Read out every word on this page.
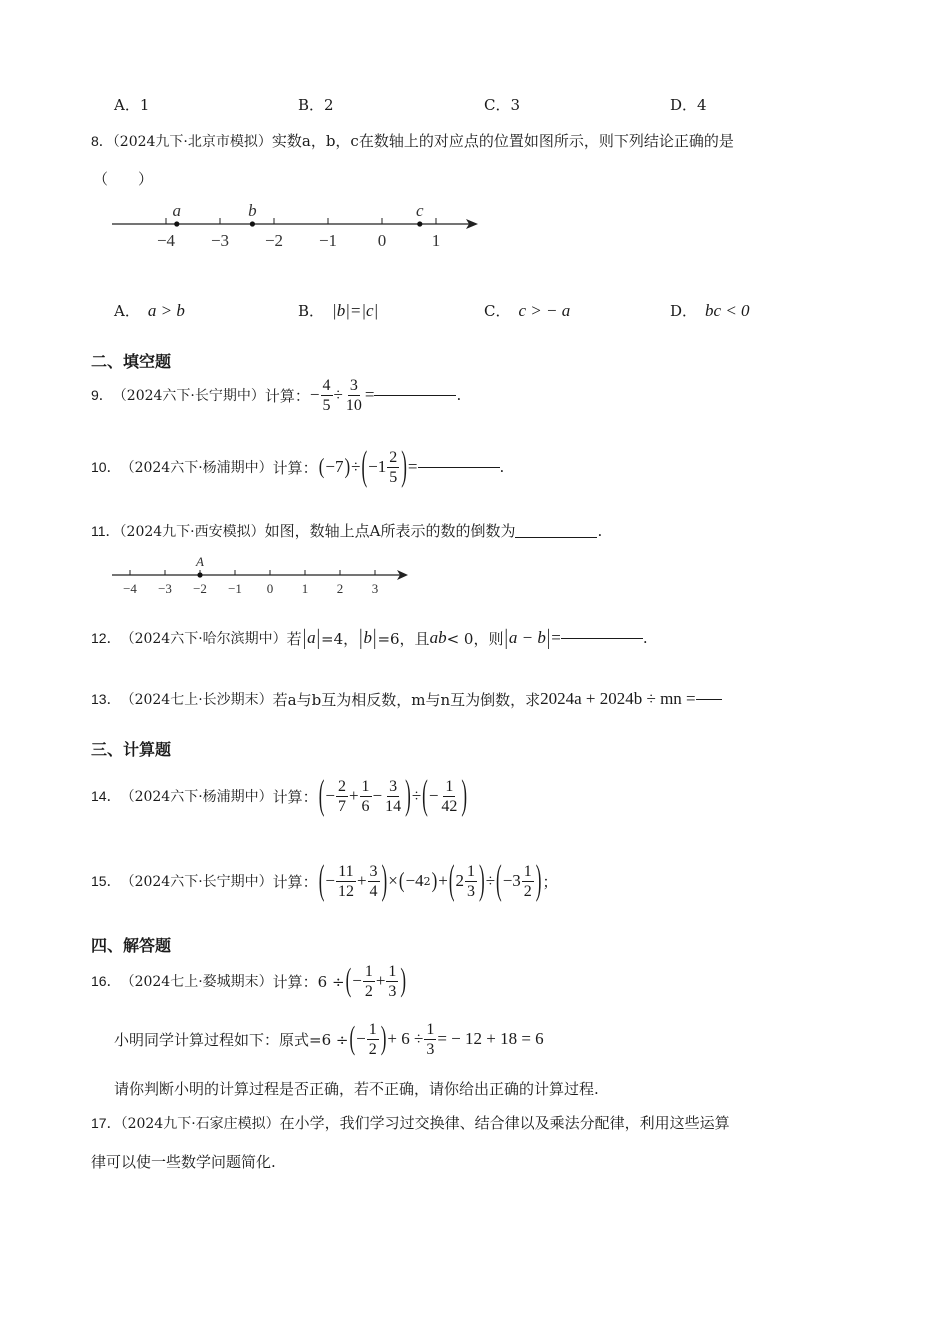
A．1	B．2	C．3	D．4
8．（2024九下·北京市模拟）实数a，b，c在数轴上的对应点的位置如图所示，则下列结论正确的是
（　　）
−4 −3 −2 −1 0	1
a	b	c
A． a > b	B． |b|=|c|	C． c > − a	D． bc < 0
二、填空题
9． （2024六下·长宁期中） 计算： − $\frac{4}{5} \div \frac{3}{10}$ =	.
10． （2024六下·杨浦期中） 计算： ( −7 ) ÷ ( $-1 \frac{2}{5}$ ) =	.
11．（2024九下·西安模拟）如图，数轴上点A所表示的数的倒数为	.
−4 −3 −2 −1 0 1 2 3
A
12． （2024六下·哈尔滨期中） 若 | a | =4， | b | =6，且 ab < 0，则 | a − b | =	.
13． （2024七上·长沙期末） 若a与b互为相反数，m与n互为倒数，求 2024a + 2024b ÷ mn =
三、计算题
14． （2024六下·杨浦期中） 计算： ( − $\frac{2}{7} + \frac{1}{6} - \frac{3}{14}$ ) ÷ ( − $\frac{1}{42}$ )
15． （2024六下·长宁期中） 计算： ( − $\frac{11}{12} + \frac{3}{4}$ ) × ( −4 2 ) + ( $2 \frac{1}{3}$ ) ÷ ( $-3 \frac{1}{2}$ ) ；
四、解答题
16． （2024七上·婺城期末） 计算：6 ÷ ( − $\frac{1}{2} + \frac{1}{3}$ )
小明同学计算过程如下：原式=6 ÷ ( − $\frac{1}{2}$ ) + $6 \div \frac{1}{3}$ = − 12 + 18 = 6
请你判断小明的计算过程是否正确，若不正确，请你给出正确的计算过程.
17．（2024九下·石家庄模拟）在小学，我们学习过交换律、结合律以及乘法分配律，利用这些运算
律可以使一些数学问题简化.
